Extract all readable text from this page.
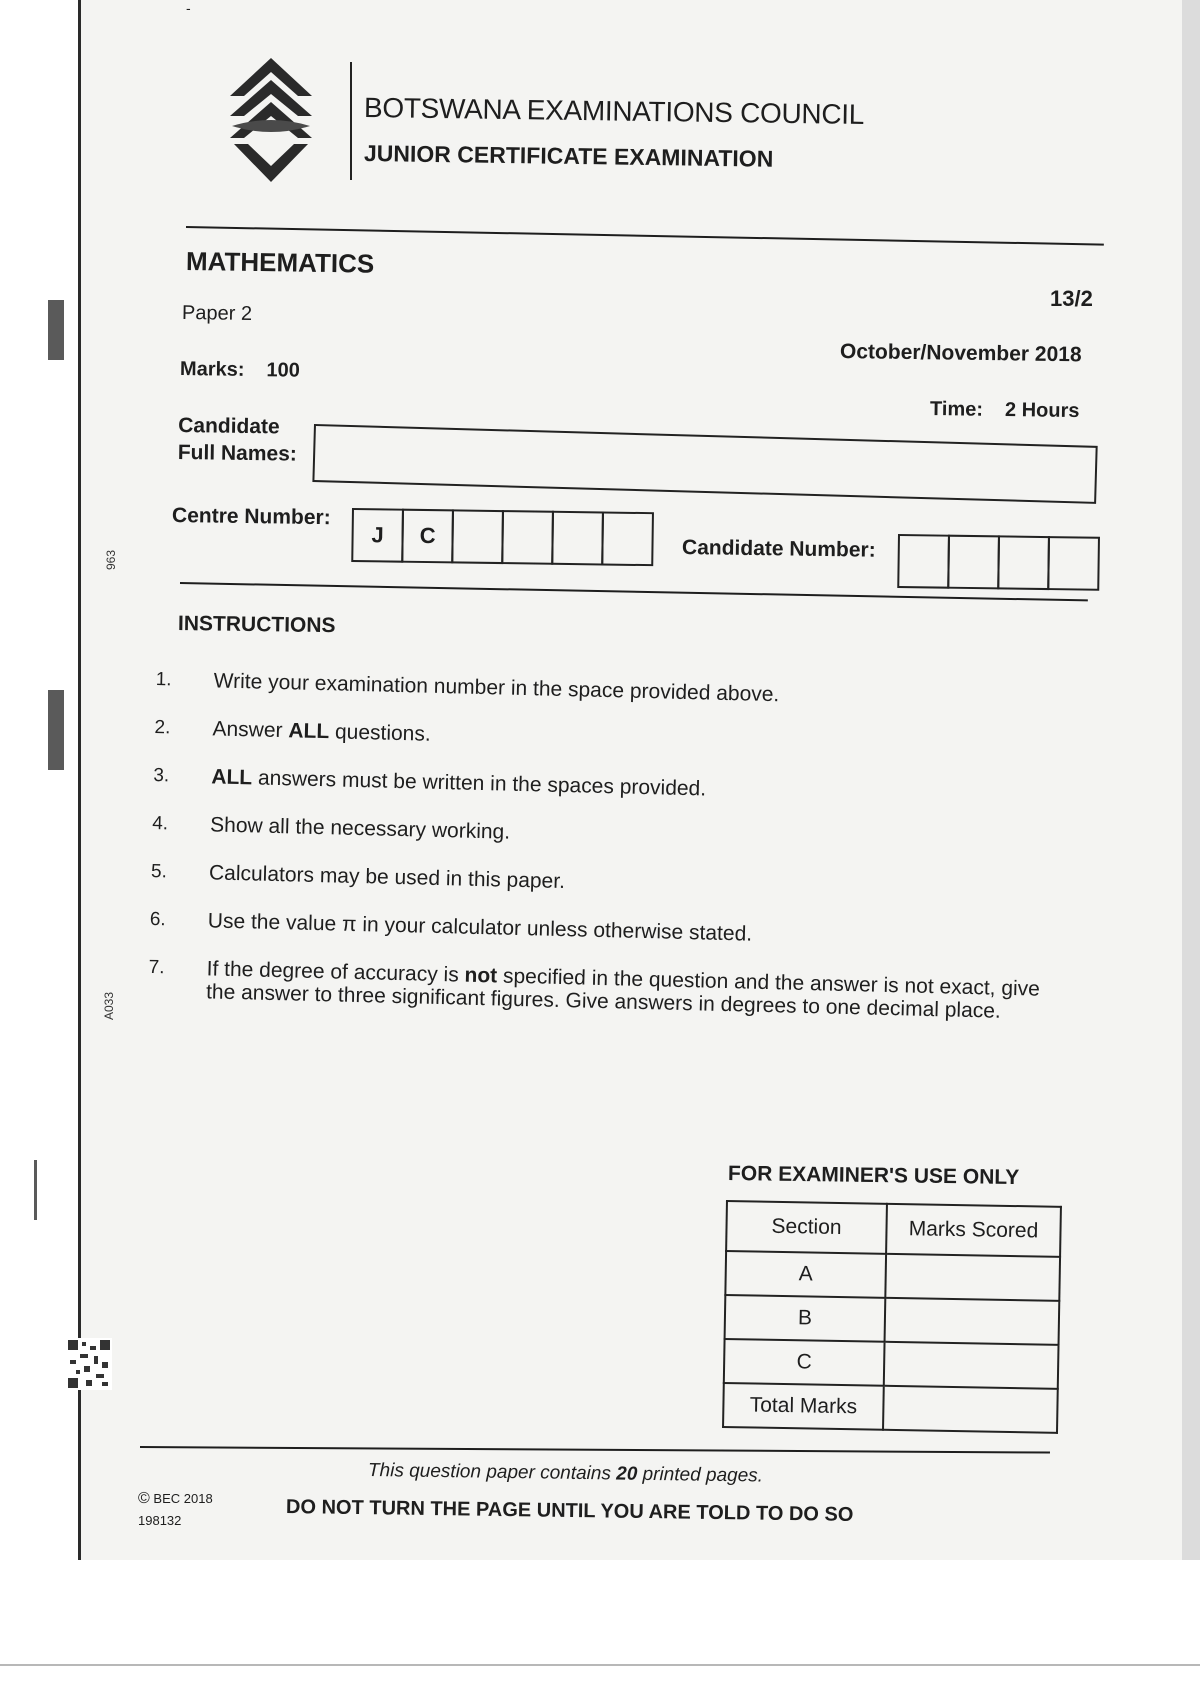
-
963
A033
BOTSWANA EXAMINATIONS COUNCIL
JUNIOR CERTIFICATE EXAMINATION
MATHEMATICS
13/2
Paper 2
October/November 2018
Marks: 100
Time: 2 Hours
Candidate
Full Names:
Centre Number:
J	C
Candidate Number:
INSTRUCTIONS
1.	Write your examination number in the space provided above.
2.	Answer ALL questions.
3.	ALL answers must be written in the spaces provided.
4.	Show all the necessary working.
5.	Calculators may be used in this paper.
6.	Use the value π in your calculator unless otherwise stated.
7.	If the degree of accuracy is not specified in the question and the answer is not exact, give the answer to three significant figures. Give answers in degrees to one decimal place.
FOR EXAMINER'S USE ONLY
Section	Marks Scored
A	
B	
C	
Total Marks	
This question paper contains 20 printed pages.
© BEC 2018
198132	DO NOT TURN THE PAGE UNTIL YOU ARE TOLD TO DO SO
